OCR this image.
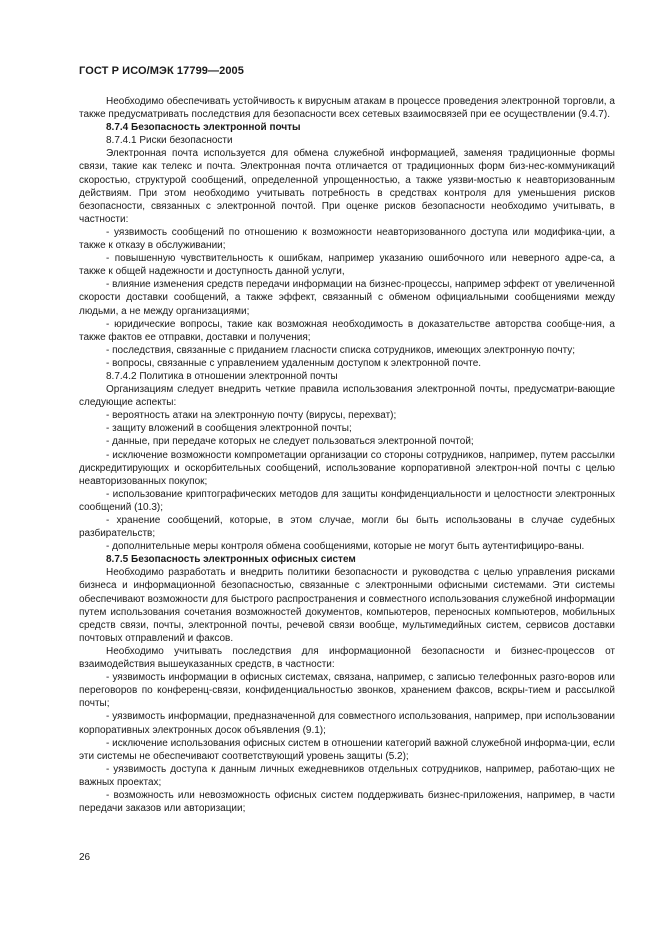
ГОСТ Р ИСО/МЭК 17799—2005

Необходимо обеспечивать устойчивость к вирусным атакам в процессе проведения электронной торговли, а также предусматривать последствия для безопасности всех сетевых взаимосвязей при ее осуществлении (9.4.7).

8.7.4 Безопасность электронной почты

8.7.4.1 Риски безопасности

Электронная почта используется для обмена служебной информацией, заменяя традиционные формы связи, такие как телекс и почта. Электронная почта отличается от традиционных форм биз-нес-коммуникаций скоростью, структурой сообщений, определенной упрощенностью, а также уязви-мостью к неавторизованным действиям. При этом необходимо учитывать потребность в средствах контроля для уменьшения рисков безопасности, связанных с электронной почтой. При оценке рисков безопасности необходимо учитывать, в частности:

- уязвимость сообщений по отношению к возможности неавторизованного доступа или модифика-ции, а также к отказу в обслуживании;

- повышенную чувствительность к ошибкам, например указанию ошибочного или неверного адре-са, а также к общей надежности и доступность данной услуги,

- влияние изменения средств передачи информации на бизнес-процессы, например эффект от увеличенной скорости доставки сообщений, а также эффект, связанный с обменом официальными сообщениями между людьми, а не между организациями;

- юридические вопросы, такие как возможная необходимость в доказательстве авторства сообще-ния, а также фактов ее отправки, доставки и получения;

- последствия, связанные с приданием гласности списка сотрудников, имеющих электронную почту;

- вопросы, связанные с управлением удаленным доступом к электронной почте.

8.7.4.2 Политика в отношении электронной почты

Организациям следует внедрить четкие правила использования электронной почты, предусматри-вающие следующие аспекты:

- вероятность атаки на электронную почту (вирусы, перехват);

- защиту вложений в сообщения электронной почты;

- данные, при передаче которых не следует пользоваться электронной почтой;

- исключение возможности компрометации организации со стороны сотрудников, например, путем рассылки дискредитирующих и оскорбительных сообщений, использование корпоративной электрон-ной почты с целью неавторизованных покупок;

- использование криптографических методов для защиты конфиденциальности и целостности электронных сообщений (10.3);

- хранение сообщений, которые, в этом случае, могли бы быть использованы в случае судебных разбирательств;

- дополнительные меры контроля обмена сообщениями, которые не могут быть аутентифициро-ваны.

8.7.5 Безопасность электронных офисных систем

Необходимо разработать и внедрить политики безопасности и руководства с целью управления рисками бизнеса и информационной безопасностью, связанные с электронными офисными системами. Эти системы обеспечивают возможности для быстрого распространения и совместного использования служебной информации путем использования сочетания возможностей документов, компьютеров, переносных компьютеров, мобильных средств связи, почты, электронной почты, речевой связи вообще, мультимедийных систем, сервисов доставки почтовых отправлений и факсов.

Необходимо учитывать последствия для информационной безопасности и бизнес-процессов от взаимодействия вышеуказанных средств, в частности:

- уязвимость информации в офисных системах, связана, например, с записью телефонных разго-воров или переговоров по конференц-связи, конфиденциальностью звонков, хранением факсов, вскры-тием и рассылкой почты;

- уязвимость информации, предназначенной для совместного использования, например, при использовании корпоративных электронных досок объявления (9.1);

- исключение использования офисных систем в отношении категорий важной служебной информа-ции, если эти системы не обеспечивают соответствующий уровень защиты (5.2);

- уязвимость доступа к данным личных ежедневников отдельных сотрудников, например, работаю-щих не важных проектах;

- возможность или невозможность офисных систем поддерживать бизнес-приложения, например, в части передачи заказов или авторизации;

26
